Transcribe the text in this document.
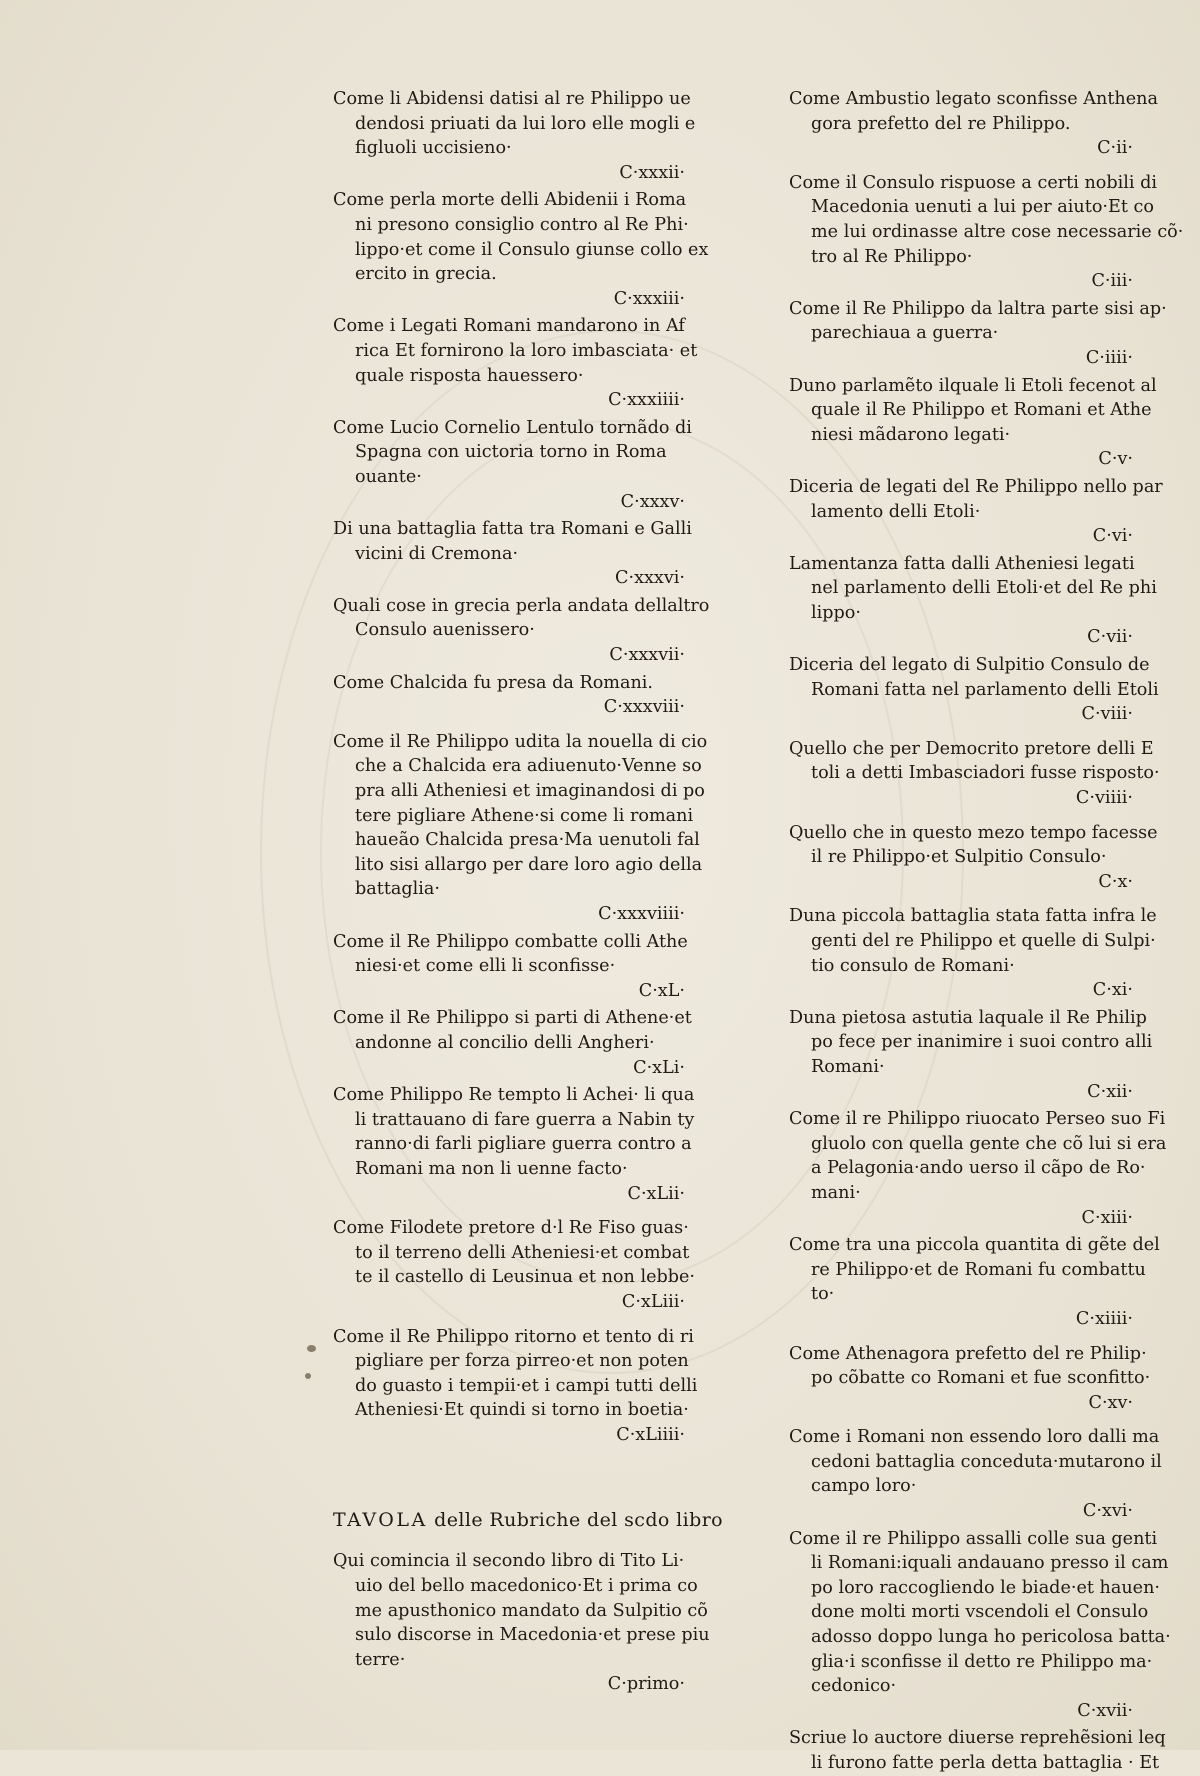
Come li Abidensi datisi al re Philippo ue
dendosi priuati da lui loro elle mogli e
figluoli uccisieno·
C·xxxii·
Come perla morte delli Abidenii i Roma
ni presono consiglio contro al Re Phi·
lippo·et come il Consulo giunse collo ex
ercito in grecia.
C·xxxiii·
Come i Legati Romani mandarono in Af
rica Et fornirono la loro imbasciata· et
quale risposta hauessero·
C·xxxiiii·
Come Lucio Cornelio Lentulo tornãdo di
Spagna con uictoria torno in Roma
ouante·
C·xxxv·
Di una battaglia fatta tra Romani e Galli
vicini di Cremona·
C·xxxvi·
Quali cose in grecia perla andata dellaltro
Consulo auenissero·
C·xxxvii·
Come Chalcida fu presa da Romani.
C·xxxviii·
Come il Re Philippo udita la nouella di cio
che a Chalcida era adiuenuto·Venne so
pra alli Atheniesi et imaginandosi di po
tere pigliare Athene·si come li romani
haueão Chalcida presa·Ma uenutoli fal
lito sisi allargo per dare loro agio della
battaglia·
C·xxxviiii·
Come il Re Philippo combatte colli Athe
niesi·et come elli li sconfisse·
C·xL·
Come il Re Philippo si parti di Athene·et
andonne al concilio delli Angheri·
C·xLi·
Come Philippo Re tempto li Achei· li qua
li trattauano di fare guerra a Nabin ty
ranno·di farli pigliare guerra contro a
Romani ma non li uenne facto·
C·xLii·
Come Filodete pretore d·l Re Fiso guas·
to il terreno delli Atheniesi·et combat
te il castello di Leusinua et non lebbe·
C·xLiii·
Come il Re Philippo ritorno et tento di ri
pigliare per forza pirreo·et non poten
do guasto i tempii·et i campi tutti delli
Atheniesi·Et quindi si torno in boetia·
C·xLiiii·
TAVOLA delle Rubriche del scdo libro
Qui comincia il secondo libro di Tito Li·
uio del bello macedonico·Et i prima co
me apusthonico mandato da Sulpitio cõ
sulo discorse in Macedonia·et prese piu
terre·
C·primo·
Come Ambustio legato sconfisse Anthena
gora prefetto del re Philippo.
C·ii·
Come il Consulo rispuose a certi nobili di
Macedonia uenuti a lui per aiuto·Et co
me lui ordinasse altre cose necessarie cõ·
tro al Re Philippo·
C·iii·
Come il Re Philippo da laltra parte sisi ap·
parechiaua a guerra·
C·iiii·
Duno parlamẽto ilquale li Etoli fecenot al
quale il Re Philippo et Romani et Athe
niesi mãdarono legati·
C·v·
Diceria de legati del Re Philippo nello par
lamento delli Etoli·
C·vi·
Lamentanza fatta dalli Atheniesi legati
nel parlamento delli Etoli·et del Re phi
lippo·
C·vii·
Diceria del legato di Sulpitio Consulo de
Romani fatta nel parlamento delli Etoli
C·viii·
Quello che per Democrito pretore delli E
toli a detti Imbasciadori fusse risposto·
C·viiii·
Quello che in questo mezo tempo facesse
il re Philippo·et Sulpitio Consulo·
C·x·
Duna piccola battaglia stata fatta infra le
genti del re Philippo et quelle di Sulpi·
tio consulo de Romani·
C·xi·
Duna pietosa astutia laquale il Re Philip
po fece per inanimire i suoi contro alli
Romani·
C·xii·
Come il re Philippo riuocato Perseo suo Fi
gluolo con quella gente che cõ lui si era
a Pelagonia·ando uerso il cãpo de Ro·
mani·
C·xiii·
Come tra una piccola quantita di gẽte del
re Philippo·et de Romani fu combattu
to·
C·xiiii·
Come Athenagora prefetto del re Philip·
po cõbatte co Romani et fue sconfitto·
C·xv·
Come i Romani non essendo loro dalli ma
cedoni battaglia conceduta·mutarono il
campo loro·
C·xvi·
Come il re Philippo assalli colle sua genti
li Romani:iquali andauano presso il cam
po loro raccogliendo le biade·et hauen·
done molti morti vscendoli el Consulo
adosso doppo lunga ho pericolosa batta·
glia·i sconfisse il detto re Philippo ma·
cedonico·
C·xvii·
Scriue lo auctore diuerse reprehẽsioni leq
li furono fatte perla detta battaglia · Et
